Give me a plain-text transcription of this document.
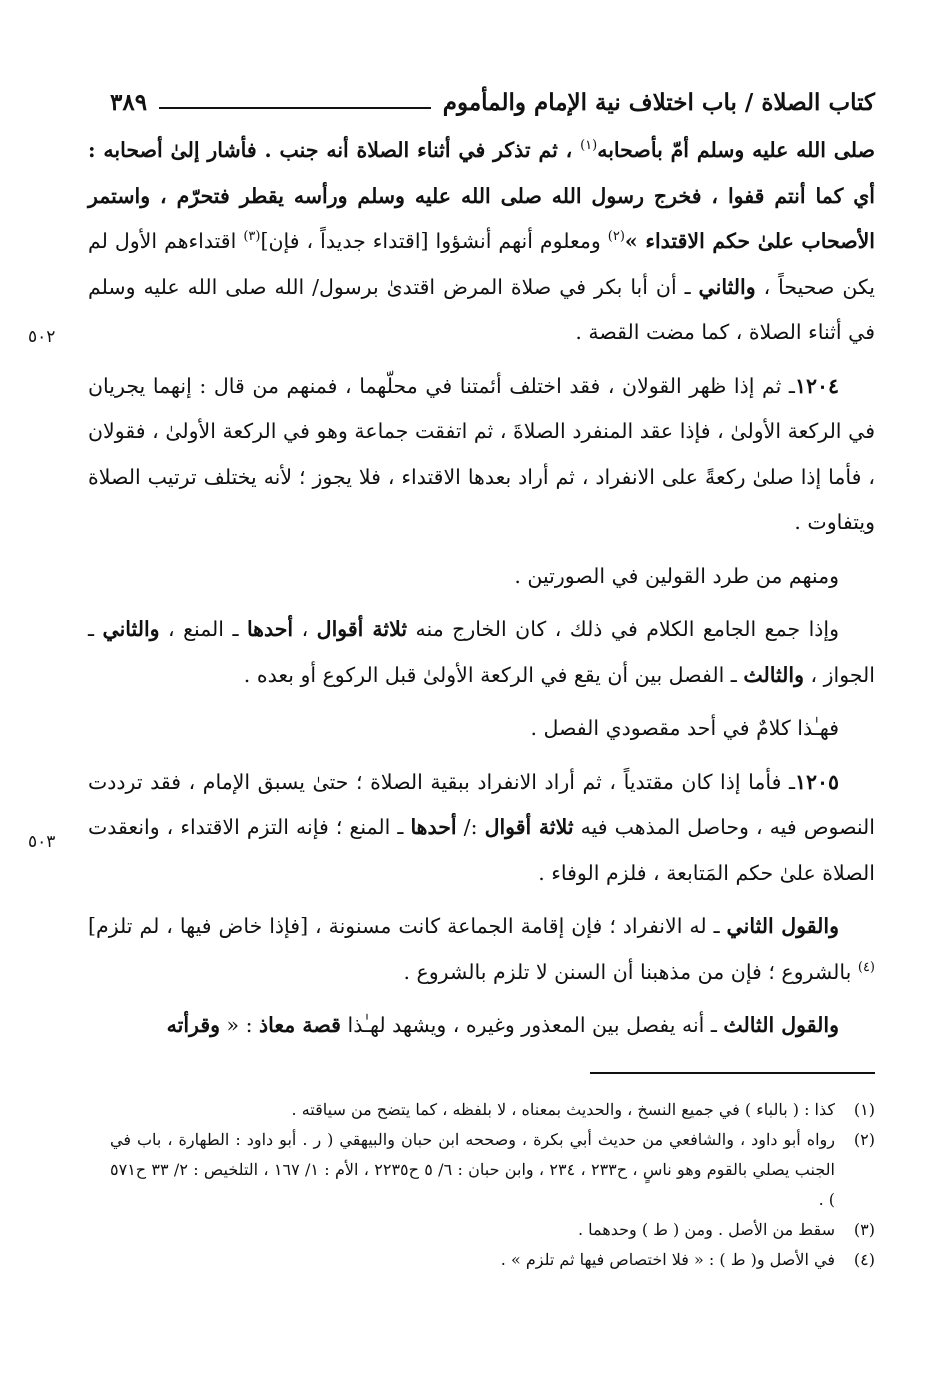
كتاب الصلاة / باب اختلاف نية الإمام والمأموم
٣٨٩

صلى الله عليه وسلم أمّ بأصحابه$^{(١)}$ ، ثم تذكر في أثناء الصلاة أنه جنب . فأشار إلىٰ أصحابه : أي كما أنتم قفوا ، فخرج رسول الله صلى الله عليه وسلم ورأسه يقطر فتحرّم ، واستمر الأصحاب علىٰ حكم الاقتداء »$^{(٢)}$ ومعلوم أنهم أنشؤوا [اقتداء جديداً ، فإن]$^{(٣)}$ اقتداءهم الأول لم يكن صحيحاً ، والثاني ـ أن أبا بكر في صلاة المرض اقتدىٰ برسول/ الله صلى الله عليه وسلم في أثناء الصلاة ، كما مضت القصة .

١٢٠٤ـ ثم إذا ظهر القولان ، فقد اختلف أئمتنا في محلّهما ، فمنهم من قال : إنهما يجريان في الركعة الأولىٰ ، فإذا عقد المنفرد الصلاةَ ، ثم اتفقت جماعة وهو في الركعة الأولىٰ ، فقولان ، فأما إذا صلىٰ ركعةً على الانفراد ، ثم أراد بعدها الاقتداء ، فلا يجوز ؛ لأنه يختلف ترتيب الصلاة ويتفاوت .

ومنهم من طرد القولين في الصورتين .

وإذا جمع الجامع الكلام في ذلك ، كان الخارج منه ثلاثة أقوال ، أحدها ـ المنع ، والثاني ـ الجواز ، والثالث ـ الفصل بين أن يقع في الركعة الأولىٰ قبل الركوع أو بعده .

فهـٰذا كلامٌ في أحد مقصودي الفصل .

١٢٠٥ـ فأما إذا كان مقتدياً ، ثم أراد الانفراد ببقية الصلاة ؛ حتىٰ يسبق الإمام ، فقد ترددت النصوص فيه ، وحاصل المذهب فيه ثلاثة أقوال :/ أحدها ـ المنع ؛ فإنه التزم الاقتداء ، وانعقدت الصلاة علىٰ حكم المَتابعة ، فلزم الوفاء .

والقول الثاني ـ له الانفراد ؛ فإن إقامة الجماعة كانت مسنونة ، [فإذا خاض فيها ، لم تلزم]$^{(٤)}$ بالشروع ؛ فإن من مذهبنا أن السنن لا تلزم بالشروع .

والقول الثالث ـ أنه يفصل بين المعذور وغيره ، ويشهد لهـٰذا قصة معاذ : « وقرأته

٥٠٢
٥٠٣
(١)
كذا : ( بالباء ) في جميع النسخ ، والحديث بمعناه ، لا بلفظه ، كما يتضح من سياقته .
(٢)
رواه أبو داود ، والشافعي من حديث أبي بكرة ، وصححه ابن حبان والبيهقي ( ر . أبو داود : الطهارة ، باب في الجنب يصلي بالقوم وهو ناسٍ ، ح٢٣٣ ، ٢٣٤ ، وابن حبان : ٦/ ٥ ح٢٢٣٥ ، الأم : ١/ ١٦٧ ، التلخيص : ٢/ ٣٣ ح٥٧١ ) .
(٣)
سقط من الأصل . ومن ( ط ) وحدهما .
(٤)
في الأصل و( ط ) : « فلا اختصاص فيها ثم تلزم » .
